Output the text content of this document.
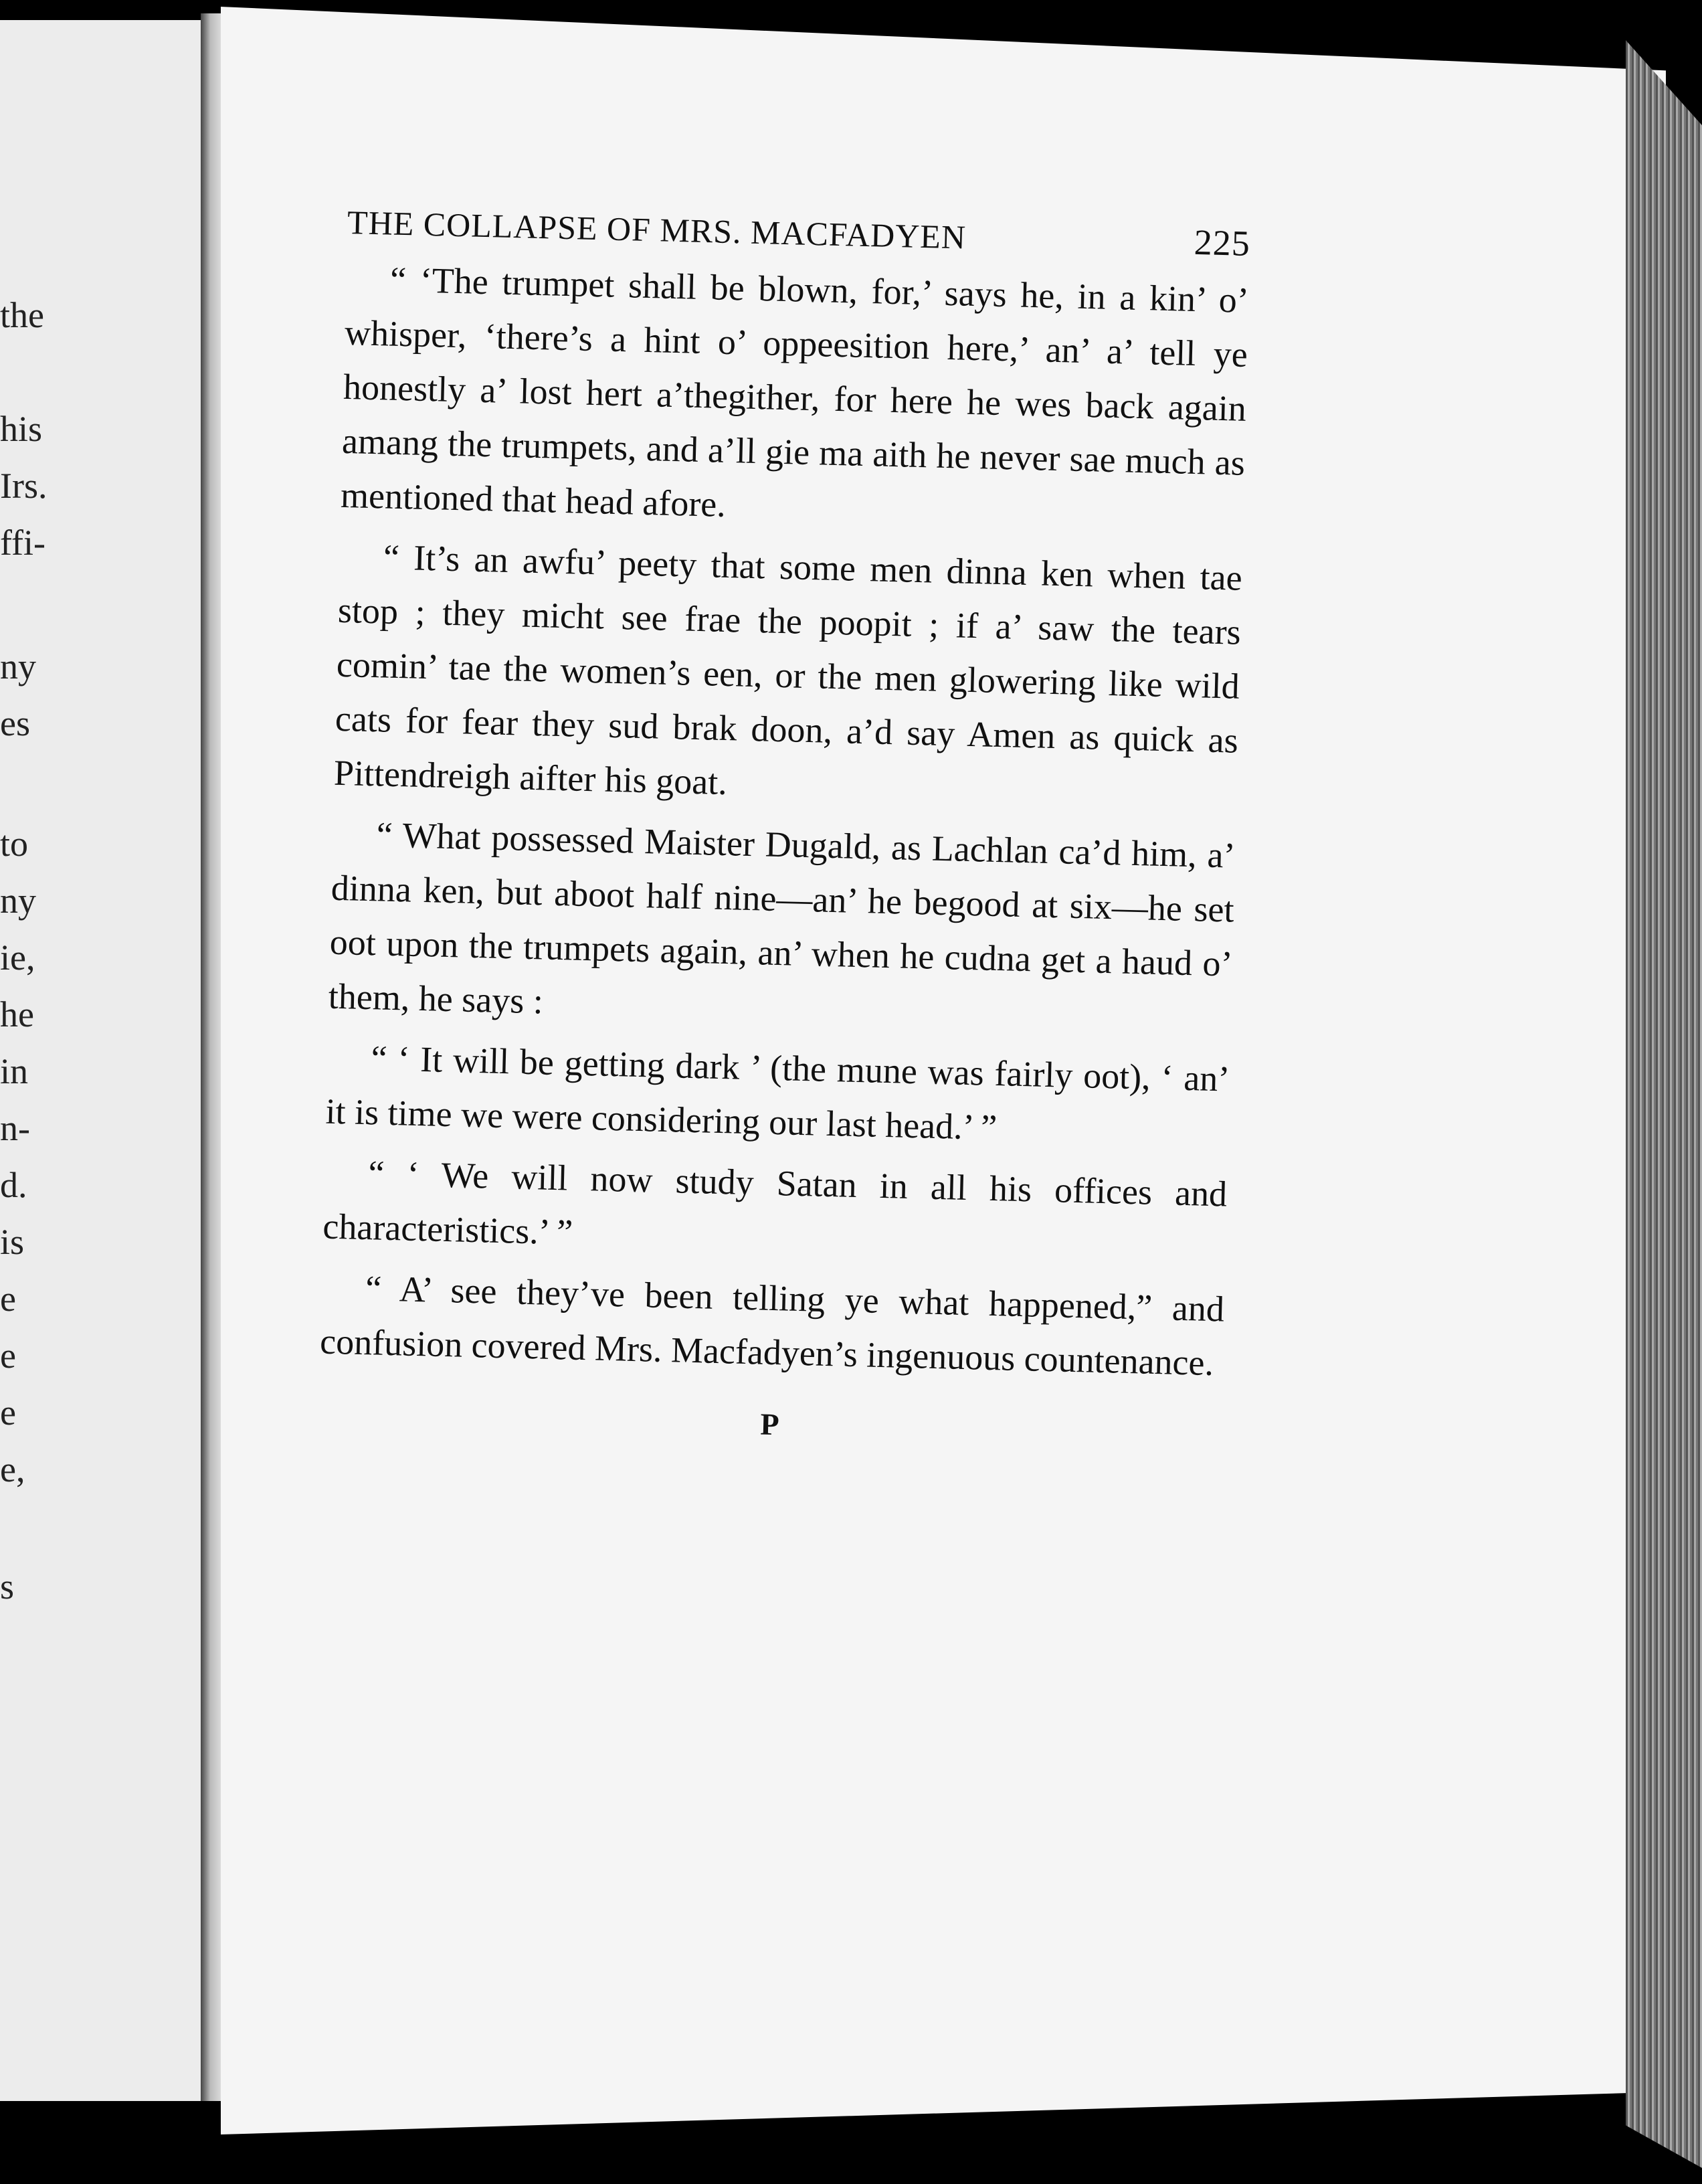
the
his
Irs.
ffi-
ny
es
to
ny
ie,
he
in
n-
d.
is
e
e
e
e,
s
THE COLLAPSE OF MRS. MACFADYEN	225

“ ‘The trumpet shall be blown, for,’ says he, in a kin’ o’ whisper, ‘there’s a hint o’ oppeesition here,’ an’ a’ tell ye honestly a’ lost hert a’thegither, for here he wes back again amang the trumpets, and a’ll gie ma aith he never sae much as mentioned that head afore.

“ It’s an awfu’ peety that some men dinna ken when tae stop ; they micht see frae the poopit ; if a’ saw the tears comin’ tae the women’s een, or the men glowering like wild cats for fear they sud brak doon, a’d say Amen as quick as Pittendreigh aifter his goat.

“ What possessed Maister Dugald, as Lachlan ca’d him, a’ dinna ken, but aboot half nine—an’ he begood at six—he set oot upon the trumpets again, an’ when he cudna get a haud o’ them, he says :

“ ‘ It will be getting dark ’ (the mune was fairly oot), ‘ an’ it is time we were considering our last head.’ ”

“ ‘ We will now study Satan in all his offices and characteristics.’ ”

“ A’ see they’ve been telling ye what happened,” and confusion covered Mrs. Macfadyen’s ingenuous countenance.

P
